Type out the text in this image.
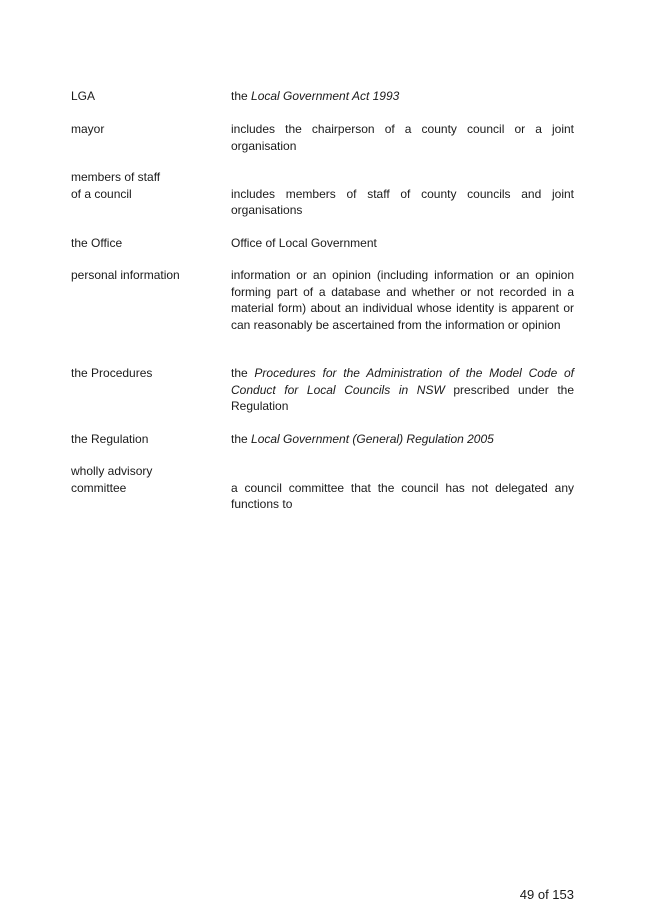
LGA	the Local Government Act 1993
mayor	includes the chairperson of a county council or a joint organisation
members of staff
of a council	includes members of staff of county councils and joint organisations
the Office	Office of Local Government
personal information	information or an opinion (including information or an opinion forming part of a database and whether or not recorded in a material form) about an individual whose identity is apparent or can reasonably be ascertained from the information or opinion
the Procedures	the Procedures for the Administration of the Model Code of Conduct for Local Councils in NSW prescribed under the Regulation
the Regulation	the Local Government (General) Regulation 2005
wholly advisory
committee	a council committee that the council has not delegated any functions to
49 of 153
